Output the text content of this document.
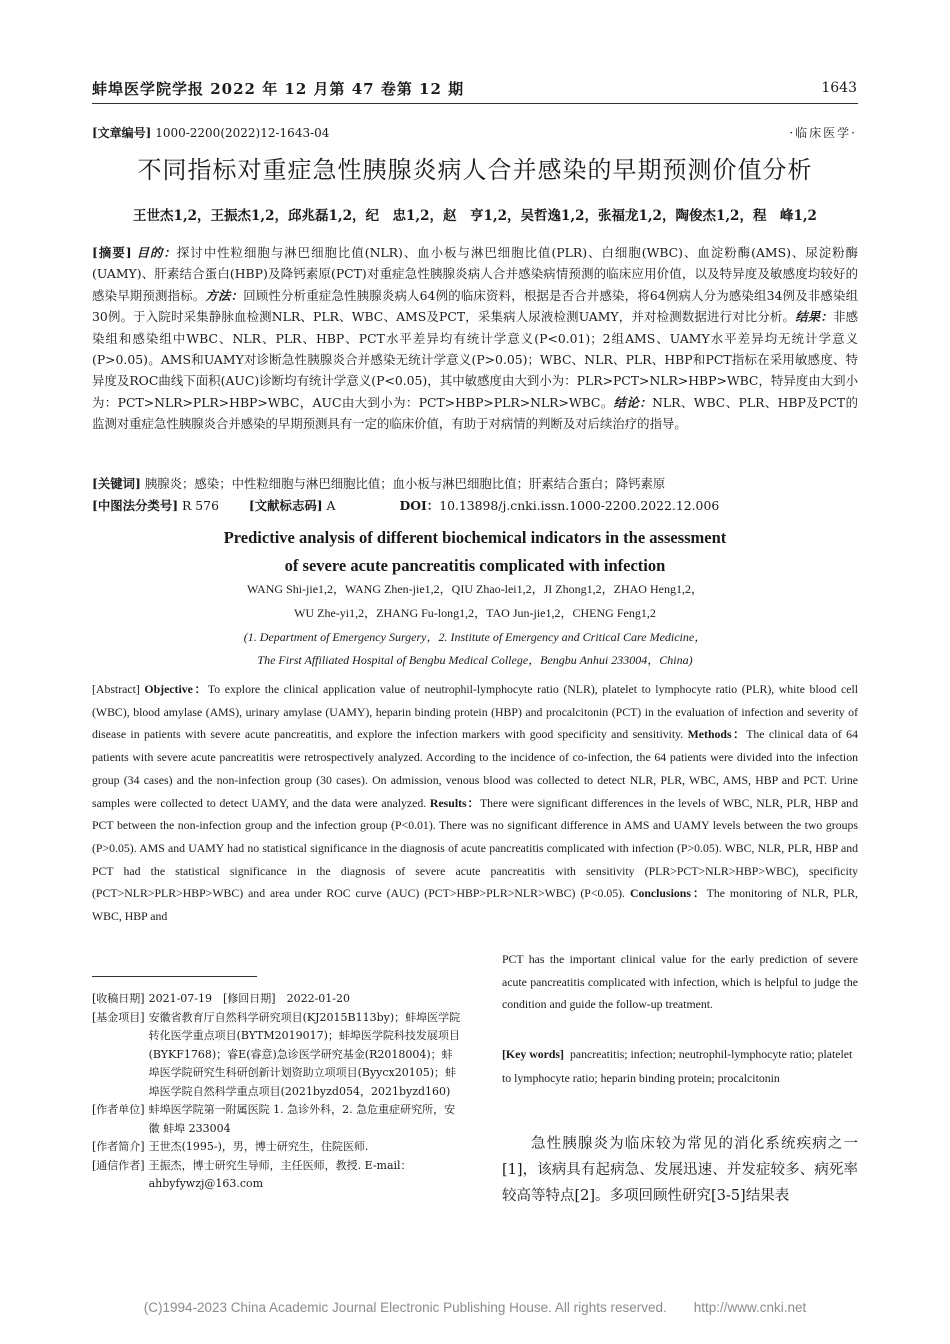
蚌埠医学院学报 2022 年 12 月第 47 卷第 12 期	1643
[文章编号] 1000-2200(2022)12-1643-04	·临床医学·
不同指标对重症急性胰腺炎病人合并感染的早期预测价值分析
王世杰1,2，王振杰1,2，邱兆磊1,2，纪　忠1,2，赵　亨1,2，吴哲逸1,2，张福龙1,2，陶俊杰1,2，程　峰1,2
[摘要] 目的：探讨中性粒细胞与淋巴细胞比值(NLR)、血小板与淋巴细胞比值(PLR)、白细胞(WBC)、血淀粉酶(AMS)、尿淀粉酶(UAMY)、肝素结合蛋白(HBP)及降钙素原(PCT)对重症急性胰腺炎病人合并感染病情预测的临床应用价值，以及特异度及敏感度均较好的感染早期预测指标。方法：回顾性分析重症急性胰腺炎病人64例的临床资料，根据是否合并感染，将64例病人分为感染组34例及非感染组30例。于入院时采集静脉血检测NLR、PLR、WBC、AMS及PCT，采集病人尿液检测UAMY，并对检测数据进行对比分析。结果：非感染组和感染组中WBC、NLR、PLR、HBP、PCT水平差异均有统计学意义(P<0.01)；2组AMS、UAMY水平差异均无统计学意义(P>0.05)。AMS和UAMY对诊断急性胰腺炎合并感染无统计学意义(P>0.05)；WBC、NLR、PLR、HBP和PCT指标在采用敏感度、特异度及ROC曲线下面积(AUC)诊断均有统计学意义(P<0.05)，其中敏感度由大到小为：PLR>PCT>NLR>HBP>WBC，特异度由大到小为：PCT>NLR>PLR>HBP>WBC，AUC由大到小为：PCT>HBP>PLR>NLR>WBC。结论：NLR、WBC、PLR、HBP及PCT的监测对重症急性胰腺炎合并感染的早期预测具有一定的临床价值，有助于对病情的判断及对后续治疗的指导。
[关键词] 胰腺炎；感染；中性粒细胞与淋巴细胞比值；血小板与淋巴细胞比值；肝素结合蛋白；降钙素原
[中图法分类号] R 576 [文献标志码] A	DOI：10.13898/j.cnki.issn.1000-2200.2022.12.006
Predictive analysis of different biochemical indicators in the assessment
of severe acute pancreatitis complicated with infection
WANG Shi-jie1,2，WANG Zhen-jie1,2，QIU Zhao-lei1,2，JI Zhong1,2，ZHAO Heng1,2，
WU Zhe-yi1,2，ZHANG Fu-long1,2，TAO Jun-jie1,2，CHENG Feng1,2
(1. Department of Emergency Surgery，2. Institute of Emergency and Critical Care Medicine，
The First Affiliated Hospital of Bengbu Medical College，Bengbu Anhui 233004，China)
[Abstract] Objective：To explore the clinical application value of neutrophil-lymphocyte ratio (NLR), platelet to lymphocyte ratio (PLR), white blood cell (WBC), blood amylase (AMS), urinary amylase (UAMY), heparin binding protein (HBP) and procalcitonin (PCT) in the evaluation of infection and severity of disease in patients with severe acute pancreatitis, and explore the infection markers with good specificity and sensitivity. Methods：The clinical data of 64 patients with severe acute pancreatitis were retrospectively analyzed. According to the incidence of co-infection, the 64 patients were divided into the infection group (34 cases) and the non-infection group (30 cases). On admission, venous blood was collected to detect NLR, PLR, WBC, AMS, HBP and PCT. Urine samples were collected to detect UAMY, and the data were analyzed. Results：There were significant differences in the levels of WBC, NLR, PLR, HBP and PCT between the non-infection group and the infection group (P<0.01). There was no significant difference in AMS and UAMY levels between the two groups (P>0.05). AMS and UAMY had no statistical significance in the diagnosis of acute pancreatitis complicated with infection (P>0.05). WBC, NLR, PLR, HBP and PCT had the statistical significance in the diagnosis of severe acute pancreatitis with sensitivity (PLR>PCT>NLR>HBP>WBC), specificity (PCT>NLR>PLR>HBP>WBC) and area under ROC curve (AUC) (PCT>HBP>PLR>NLR>WBC) (P<0.05). Conclusions：The monitoring of NLR, PLR, WBC, HBP and
PCT has the important clinical value for the early prediction of severe acute pancreatitis complicated with infection, which is helpful to judge the condition and guide the follow-up treatment.
[Key words] pancreatitis; infection; neutrophil-lymphocyte ratio; platelet to lymphocyte ratio; heparin binding protein; procalcitonin
[收稿日期] 2021-07-19　[修回日期]　2022-01-20
[基金项目] 安徽省教育厅自然科学研究项目(KJ2015B113by)；蚌埠医学院转化医学重点项目(BYTM2019017)；蚌埠医学院科技发展项目(BYKF1768)；睿E(睿意)急诊医学研究基金(R2018004)；蚌埠医学院研究生科研创新计划资助立项项目(Byycx20105)；蚌埠医学院自然科学重点项目(2021byzd054，2021byzd160)
[作者单位] 蚌埠医学院第一附属医院 1. 急诊外科，2. 急危重症研究所，安徽 蚌埠 233004
[作者简介] 王世杰(1995-)，男，博士研究生，住院医师.
[通信作者] 王振杰，博士研究生导师，主任医师，教授. E-mail：ahbyfywzj@163.com
急性胰腺炎为临床较为常见的消化系统疾病之一[1]，该病具有起病急、发展迅速、并发症较多、病死率较高等特点[2]。多项回顾性研究[3-5]结果表
(C)1994-2023 China Academic Journal Electronic Publishing House. All rights reserved.　　http://www.cnki.net
